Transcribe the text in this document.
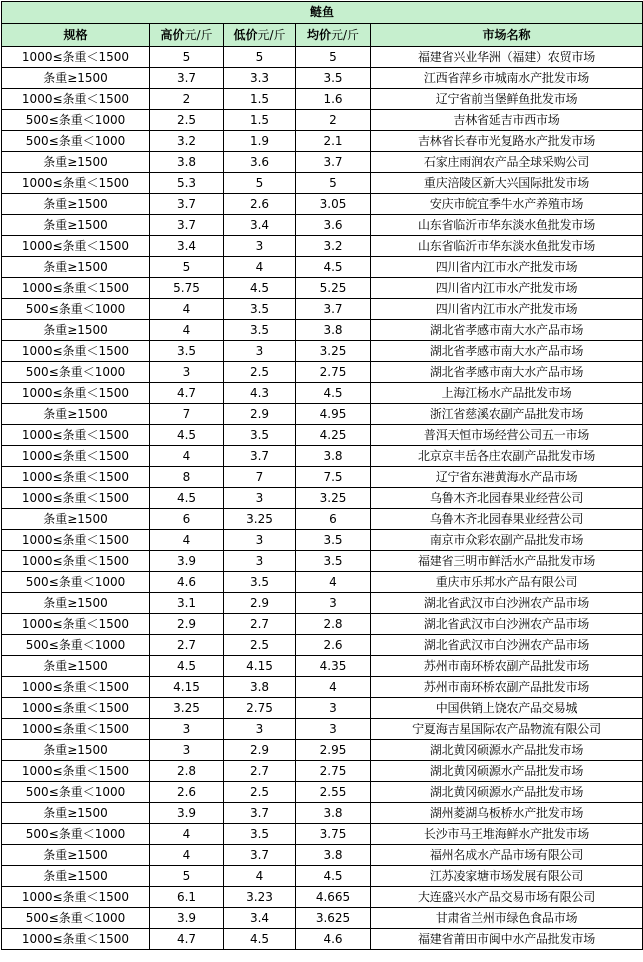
鲢鱼				
规格	高价元/斤	低价元/斤	均价元/斤	市场名称
1000≤条重＜1500	5	5	5	福建省兴业华洲（福建）农贸市场
条重≥1500	3.7	3.3	3.5	江西省萍乡市城南水产批发市场
1000≤条重＜1500	2	1.5	1.6	辽宁省前当堡鲜鱼批发市场
500≤条重＜1000	2.5	1.5	2	吉林省延吉市西市场
500≤条重＜1000	3.2	1.9	2.1	吉林省长春市光复路水产批发市场
条重≥1500	3.8	3.6	3.7	石家庄雨润农产品全球采购公司
1000≤条重＜1500	5.3	5	5	重庆涪陵区新大兴国际批发市场
条重≥1500	3.7	2.6	3.05	安庆市皖宜季牛水产养殖市场
条重≥1500	3.7	3.4	3.6	山东省临沂市华东淡水鱼批发市场
1000≤条重＜1500	3.4	3	3.2	山东省临沂市华东淡水鱼批发市场
条重≥1500	5	4	4.5	四川省内江市水产批发市场
1000≤条重＜1500	5.75	4.5	5.25	四川省内江市水产批发市场
500≤条重＜1000	4	3.5	3.7	四川省内江市水产批发市场
条重≥1500	4	3.5	3.8	湖北省孝感市南大水产品市场
1000≤条重＜1500	3.5	3	3.25	湖北省孝感市南大水产品市场
500≤条重＜1000	3	2.5	2.75	湖北省孝感市南大水产品市场
1000≤条重＜1500	4.7	4.3	4.5	上海江杨水产品批发市场
条重≥1500	7	2.9	4.95	浙江省慈溪农副产品批发市场
1000≤条重＜1500	4.5	3.5	4.25	普洱天恒市场经营公司五一市场
1000≤条重＜1500	4	3.7	3.8	北京京丰岳各庄农副产品批发市场
1000≤条重＜1500	8	7	7.5	辽宁省东港黄海水产品市场
1000≤条重＜1500	4.5	3	3.25	乌鲁木齐北园春果业经营公司
条重≥1500	6	3.25	6	乌鲁木齐北园春果业经营公司
1000≤条重＜1500	4	3	3.5	南京市众彩农副产品批发市场
1000≤条重＜1500	3.9	3	3.5	福建省三明市鲜活水产品批发市场
500≤条重＜1000	4.6	3.5	4	重庆市乐邦水产品有限公司
条重≥1500	3.1	2.9	3	湖北省武汉市白沙洲农产品市场
1000≤条重＜1500	2.9	2.7	2.8	湖北省武汉市白沙洲农产品市场
500≤条重＜1000	2.7	2.5	2.6	湖北省武汉市白沙洲农产品市场
条重≥1500	4.5	4.15	4.35	苏州市南环桥农副产品批发市场
1000≤条重＜1500	4.15	3.8	4	苏州市南环桥农副产品批发市场
1000≤条重＜1500	3.25	2.75	3	中国供销上饶农产品交易城
1000≤条重＜1500	3	3	3	宁夏海吉星国际农产品物流有限公司
条重≥1500	3	2.9	2.95	湖北黄冈硕源水产品批发市场
1000≤条重＜1500	2.8	2.7	2.75	湖北黄冈硕源水产品批发市场
500≤条重＜1000	2.6	2.5	2.55	湖北黄冈硕源水产品批发市场
条重≥1500	3.9	3.7	3.8	湖州菱湖乌板桥水产批发市场
500≤条重＜1000	4	3.5	3.75	长沙市马王堆海鲜水产批发市场
条重≥1500	4	3.7	3.8	福州名成水产品市场有限公司
条重≥1500	5	4	4.5	江苏凌家塘市场发展有限公司
1000≤条重＜1500	6.1	3.23	4.665	大连盛兴水产品交易市场有限公司
500≤条重＜1000	3.9	3.4	3.625	甘肃省兰州市绿色食品市场
1000≤条重＜1500	4.7	4.5	4.6	福建省莆田市闽中水产品批发市场
